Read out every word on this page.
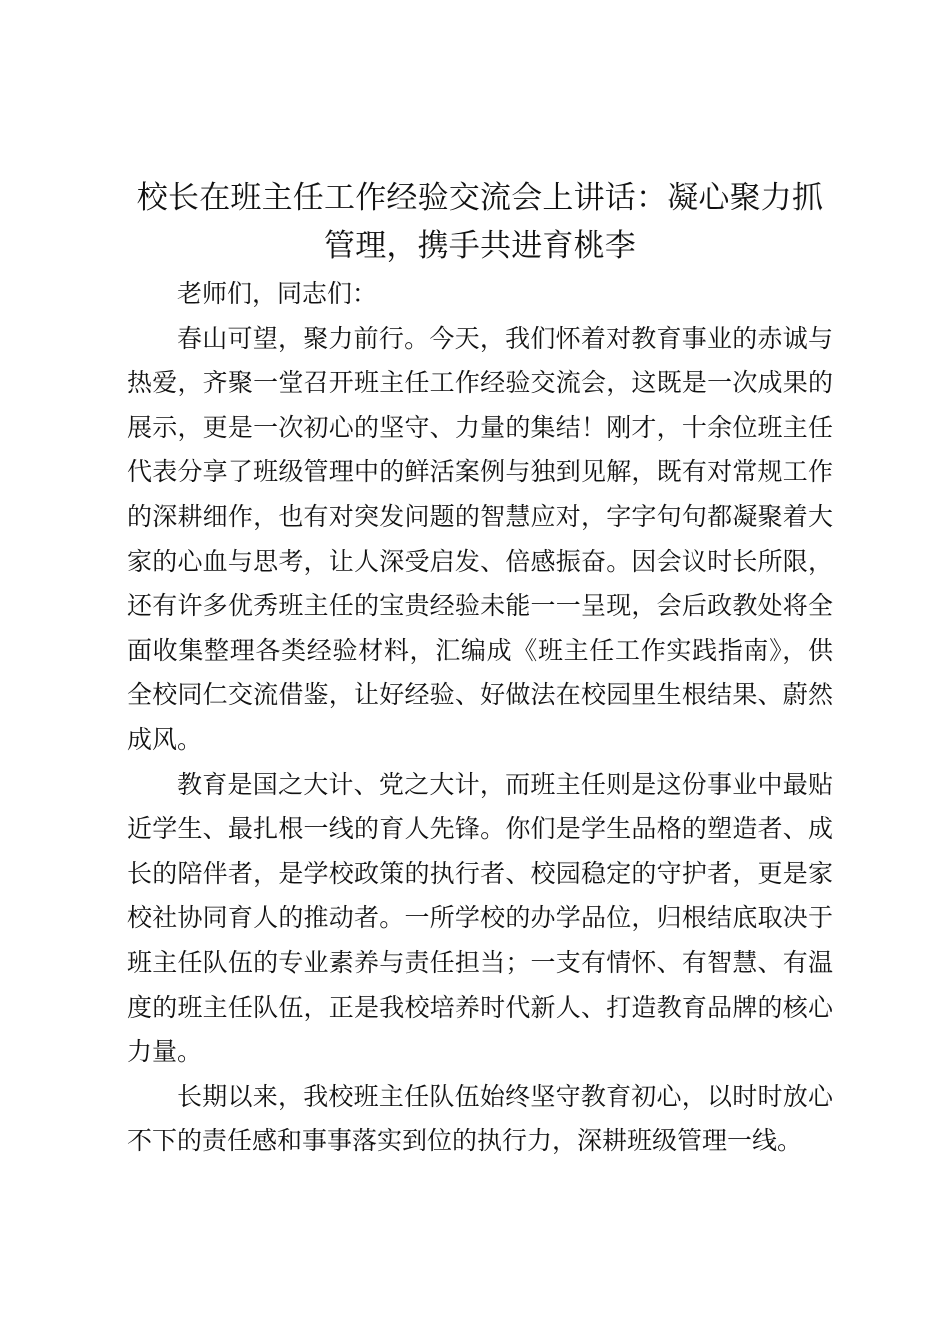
校长在班主任工作经验交流会上讲话：凝心聚力抓管理，携手共进育桃李

老师们，同志们：

春山可望，聚力前行。今天，我们怀着对教育事业的赤诚与热爱，齐聚一堂召开班主任工作经验交流会，这既是一次成果的展示，更是一次初心的坚守、力量的集结！刚才，十余位班主任代表分享了班级管理中的鲜活案例与独到见解，既有对常规工作的深耕细作，也有对突发问题的智慧应对，字字句句都凝聚着大家的心血与思考，让人深受启发、倍感振奋。因会议时长所限，还有许多优秀班主任的宝贵经验未能一一呈现，会后政教处将全面收集整理各类经验材料，汇编成《班主任工作实践指南》，供全校同仁交流借鉴，让好经验、好做法在校园里生根结果、蔚然成风。

教育是国之大计、党之大计，而班主任则是这份事业中最贴近学生、最扎根一线的育人先锋。你们是学生品格的塑造者、成长的陪伴者，是学校政策的执行者、校园稳定的守护者，更是家校社协同育人的推动者。一所学校的办学品位，归根结底取决于班主任队伍的专业素养与责任担当；一支有情怀、有智慧、有温度的班主任队伍，正是我校培养时代新人、打造教育品牌的核心力量。

长期以来，我校班主任队伍始终坚守教育初心，以时时放心不下的责任感和事事落实到位的执行力，深耕班级管理一线。
